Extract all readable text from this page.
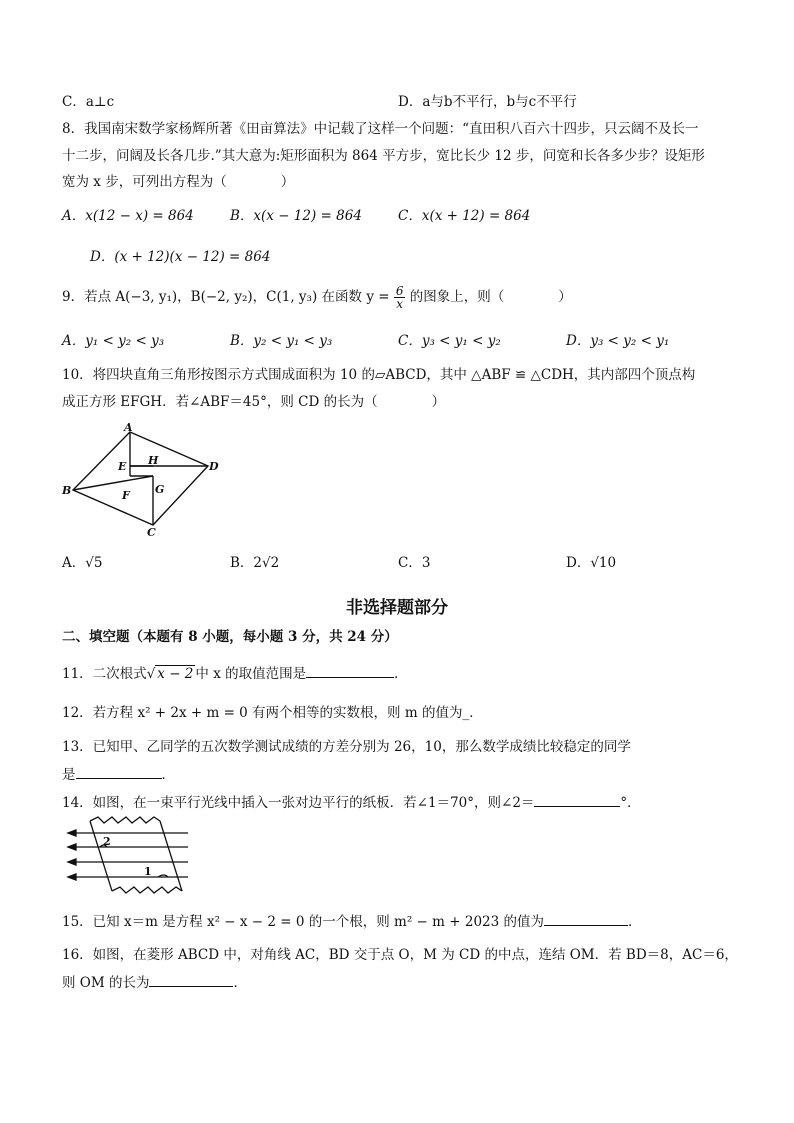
C．a⊥c	D．a与b不平行，b与c不平行
8．我国南宋数学家杨辉所著《田亩算法》中记载了这样一个问题：“直田积八百六十四步，只云阔不及长一
十二步，问阔及长各几步.”其大意为:矩形面积为 864 平方步，宽比长少 12 步，问宽和长各多少步？设矩形
宽为 x 步，可列出方程为（　　　　）
A．x(12 − x) = 864	B．x(x − 12) = 864	C．x(x + 12) = 864
D．(x + 12)(x − 12) = 864
9．若点 A(−3, y₁)，B(−2, y₂)，C(1, y₃) 在函数 $y = \frac{6}{x}$ 的图象上，则（　　　　）
A．y₁ < y₂ < y₃	B．y₂ < y₁ < y₃	C．y₃ < y₁ < y₂	D．y₃ < y₂ < y₁
10．将四块直角三角形按图示方式围成面积为 10 的▱ABCD，其中 △ABF ≌ △CDH，其内部四个顶点构
成正方形 EFGH．若∠ABF＝45°，则 CD 的长为（　　　　）
A
B
C
D
E
F G
H
A．√5	B．2√2	C．3	D．√10
非选择题部分
二、填空题（本题有 8 小题，每小题 3 分，共 24 分）
11．二次根式√ x − 2 中 x 的取值范围是	．
12．若方程 x² + 2x + m = 0 有两个相等的实数根，则 m 的值为_．
13．已知甲、乙同学的五次数学测试成绩的方差分别为 26，10，那么数学成绩比较稳定的同学
是	．
14．如图，在一束平行光线中插入一张对边平行的纸板．若∠1＝70°，则∠2＝	°．
2
1
15．已知 x＝m 是方程 x² − x − 2 = 0 的一个根，则 m² − m + 2023 的值为	．
16．如图，在菱形 ABCD 中，对角线 AC，BD 交于点 O，M 为 CD 的中点，连结 OM．若 BD＝8，AC＝6，
则 OM 的长为	．
